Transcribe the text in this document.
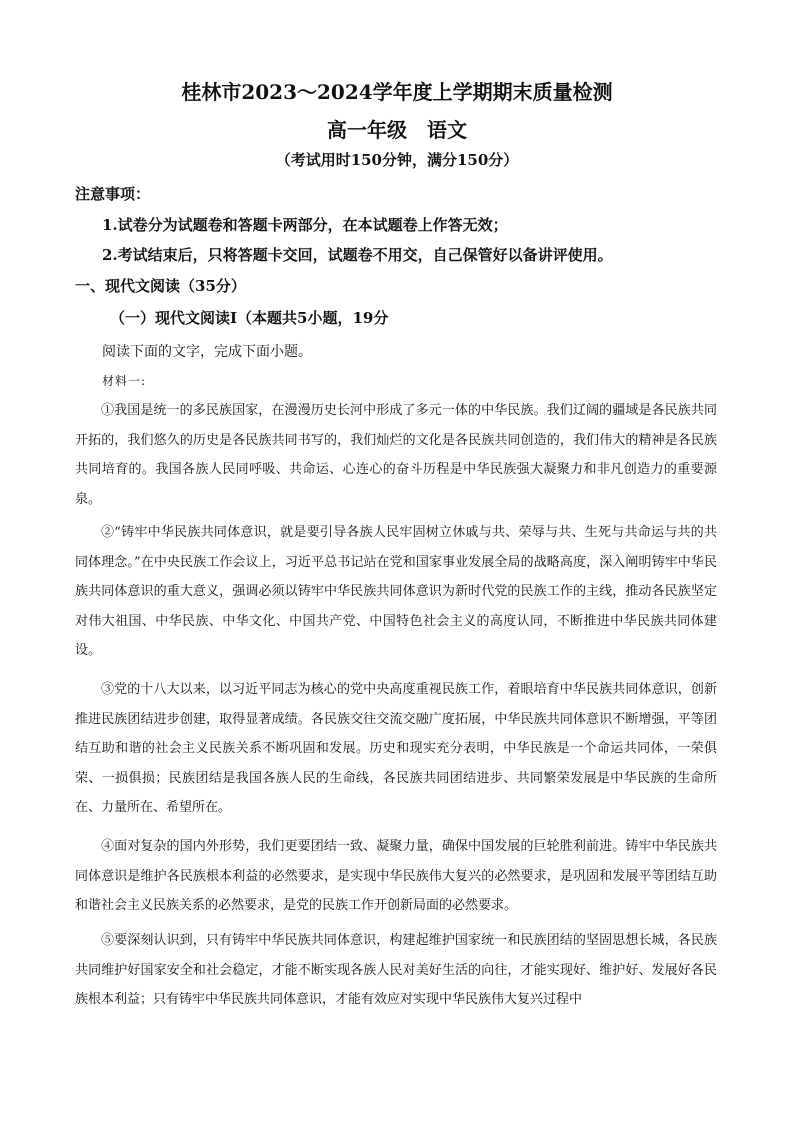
桂林市2023～2024学年度上学期期末质量检测
高一年级　语文
（考试用时150分钟，满分150分）
注意事项：
1.试卷分为试题卷和答题卡两部分，在本试题卷上作答无效；
2.考试结束后，只将答题卡交回，试题卷不用交，自己保管好以备讲评使用。
一、现代文阅读（35分）
（一）现代文阅读Ⅰ（本题共5小题，19分
阅读下面的文字，完成下面小题。
材料一:
①我国是统一的多民族国家，在漫漫历史长河中形成了多元一体的中华民族。我们辽阔的疆域是各民族共同开拓的，我们悠久的历史是各民族共同书写的，我们灿烂的文化是各民族共同创造的，我们伟大的精神是各民族共同培育的。我国各族人民同呼吸、共命运、心连心的奋斗历程是中华民族强大凝聚力和非凡创造力的重要源泉。
②“铸牢中华民族共同体意识，就是要引导各族人民牢固树立休戚与共、荣辱与共、生死与共命运与共的共同体理念。”在中央民族工作会议上，习近平总书记站在党和国家事业发展全局的战略高度，深入阐明铸牢中华民族共同体意识的重大意义，强调必须以铸牢中华民族共同体意识为新时代党的民族工作的主线，推动各民族坚定对伟大祖国、中华民族、中华文化、中国共产党、中国特色社会主义的高度认同，不断推进中华民族共同体建设。
③党的十八大以来，以习近平同志为核心的党中央高度重视民族工作，着眼培育中华民族共同体意识，创新推进民族团结进步创建，取得显著成绩。各民族交往交流交融广度拓展，中华民族共同体意识不断增强，平等团结互助和谐的社会主义民族关系不断巩固和发展。历史和现实充分表明，中华民族是一个命运共同体，一荣俱荣、一损俱损；民族团结是我国各族人民的生命线，各民族共同团结进步、共同繁荣发展是中华民族的生命所在、力量所在、希望所在。
④面对复杂的国内外形势，我们更要团结一致、凝聚力量，确保中国发展的巨轮胜利前进。铸牢中华民族共同体意识是维护各民族根本利益的必然要求，是实现中华民族伟大复兴的必然要求，是巩固和发展平等团结互助和谐社会主义民族关系的必然要求，是党的民族工作开创新局面的必然要求。
⑤要深刻认识到，只有铸牢中华民族共同体意识，构建起维护国家统一和民族团结的坚固思想长城，各民族共同维护好国家安全和社会稳定，才能不断实现各族人民对美好生活的向往，才能实现好、维护好、发展好各民族根本利益；只有铸牢中华民族共同体意识，才能有效应对实现中华民族伟大复兴过程中
